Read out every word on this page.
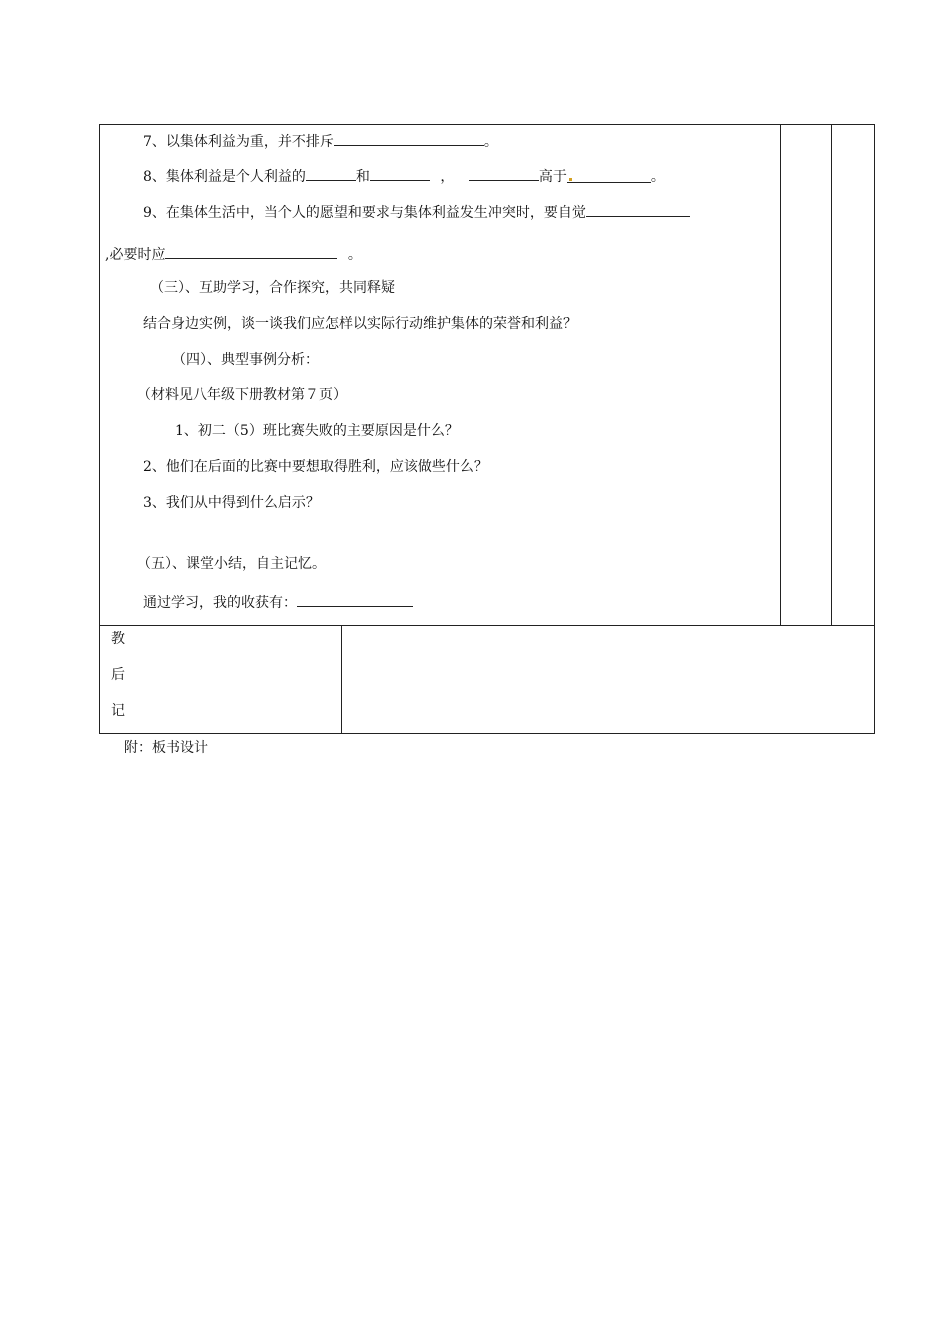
7、以集体利益为重，并不排斥	。
8、集体利益是个人利益的	和	，	高于	。
9、在集体生活中，当个人的愿望和要求与集体利益发生冲突时，要自觉
,必要时应	。
（三）、互助学习，合作探究，共同释疑
结合身边实例，谈一谈我们应怎样以实际行动维护集体的荣誉和利益？
（四）、典型事例分析：
（材料见八年级下册教材第７页）
1、初二（5）班比赛失败的主要原因是什么？
2、他们在后面的比赛中要想取得胜利，应该做些什么？
3、我们从中得到什么启示？
（五）、课堂小结，自主记忆。
通过学习，我的收获有：
教
后
记
附：板书设计
